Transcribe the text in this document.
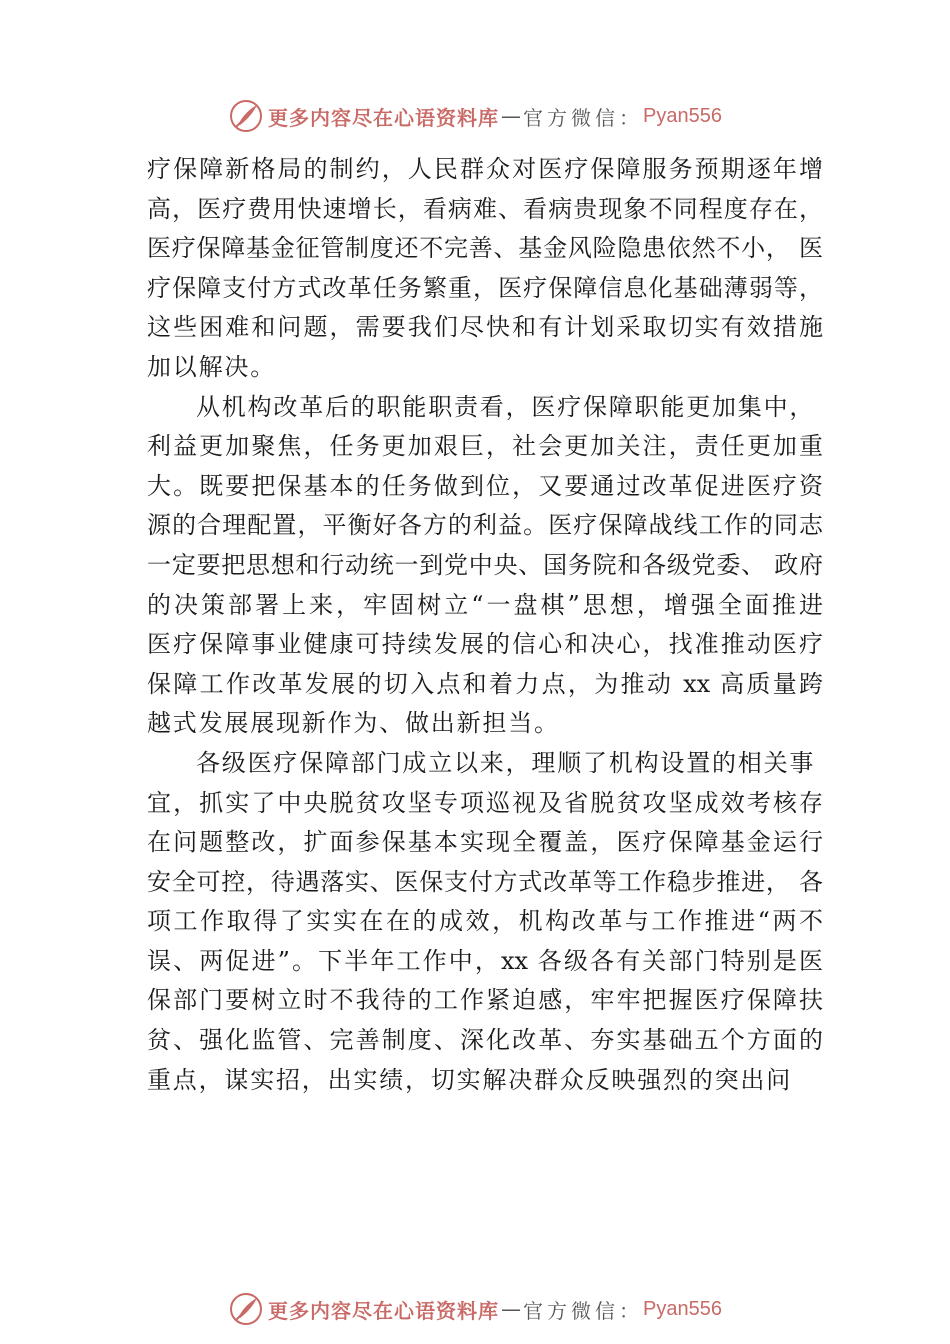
更多内容尽在心语资料库 — 官方微信： Pyan556
疗保障新格局的制约，人民群众对医疗保障服务预期逐年增
高，医疗费用快速增长，看病难、看病贵现象不同程度存在，
医疗保障基金征管制度还不完善、基金风险隐患依然不小， 医
疗保障支付方式改革任务繁重，医疗保障信息化基础薄弱等，
这些困难和问题，需要我们尽快和有计划采取切实有效措施
加以解决。
从机构改革后的职能职责看，医疗保障职能更加集中，
利益更加聚焦，任务更加艰巨，社会更加关注，责任更加重
大。既要把保基本的任务做到位，又要通过改革促进医疗资
源的合理配置，平衡好各方的利益。医疗保障战线工作的同志
一定要把思想和行动统一到党中央、国务院和各级党委、 政府
的决策部署上来，牢固树立“一盘棋”思想，增强全面推进
医疗保障事业健康可持续发展的信心和决心，找准推动医疗
保障工作改革发展的切入点和着力点，为推动 xx 高质量跨
越式发展展现新作为、做出新担当。
各级医疗保障部门成立以来，理顺了机构设置的相关事
宜，抓实了中央脱贫攻坚专项巡视及省脱贫攻坚成效考核存
在问题整改，扩面参保基本实现全覆盖，医疗保障基金运行
安全可控，待遇落实、医保支付方式改革等工作稳步推进， 各
项工作取得了实实在在的成效，机构改革与工作推进“两不
误、两促进”。下半年工作中，xx 各级各有关部门特别是医
保部门要树立时不我待的工作紧迫感，牢牢把握医疗保障扶
贫、强化监管、完善制度、深化改革、夯实基础五个方面的
重点，谋实招，出实绩，切实解决群众反映强烈的突出问
更多内容尽在心语资料库 — 官方微信： Pyan556
